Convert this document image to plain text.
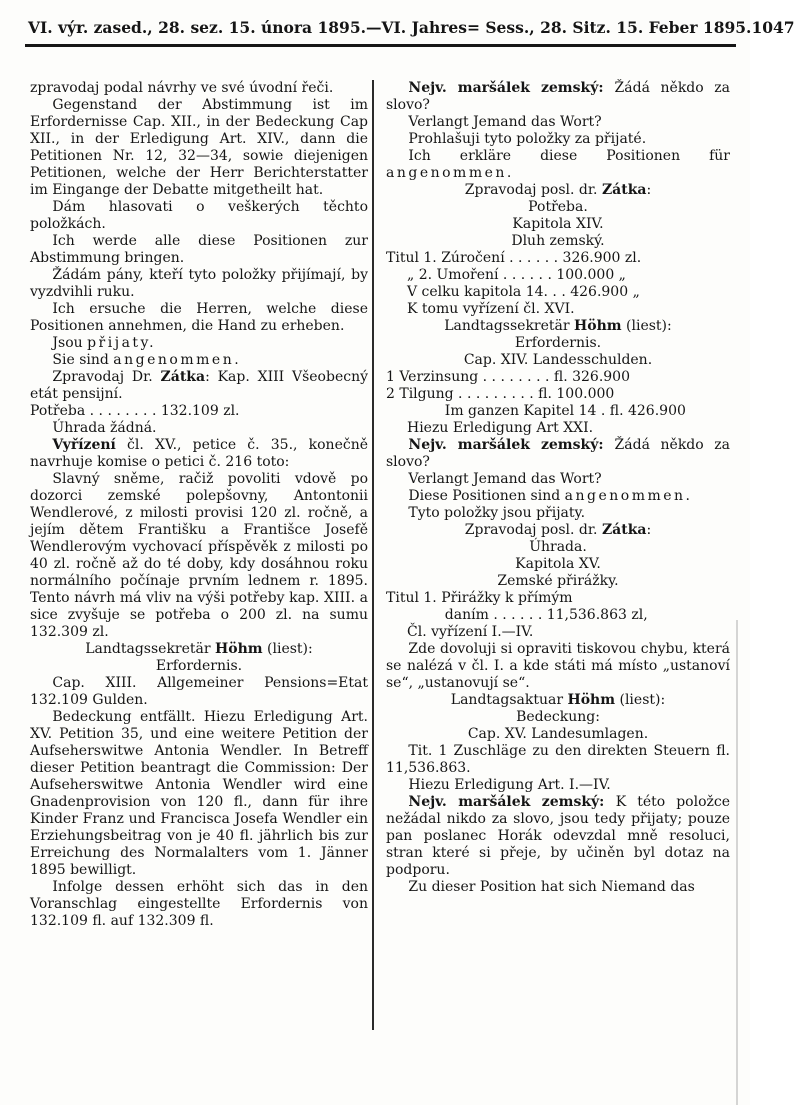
VI. výr. zased., 28. sez. 15. února 1895. —VI. Jahres= Sess., 28. Sitz. 15. Feber 1895. 1047

zpravodaj podal návrhy ve své úvodní řeči.

Gegenstand der Abstimmung ist im Erfordernisse Cap. XII., in der Bedeckung Cap XII., in der Erledigung Art. XIV., dann die Petitionen Nr. 12, 32—34, sowie diejenigen Petitionen, welche der Herr Berichterstatter im Eingange der Debatte mitgetheilt hat.

Dám hlasovati o veškerých těchto položkách.

Ich werde alle diese Positionen zur Abstimmung bringen.

Žádám pány, kteří tyto položky přijímají, by vyzdvihli ruku.

Ich ersuche die Herren, welche diese Positionen annehmen, die Hand zu erheben.

Jsou přijaty.

Sie sind angenommen.

Zpravodaj Dr. Zátka: Kap. XIII Všeobecný etát pensijní.

Potřeba . . . . . . . . 132.109 zl.

Úhrada žádná.

Vyřízení čl. XV., petice č. 35., konečně navrhuje komise o petici č. 216 toto:

Slavný sněme, račiž povoliti vdově po dozorci zemské polepšovny, Antontonii Wendlerové, z milosti provisi 120 zl. ročně, a jejím dětem Františku a Františce Josefě Wendlerovým vychovací příspěvěk z milosti po 40 zl. ročně až do té doby, kdy dosáhnou roku normálního počínaje prvním lednem r. 1895. Tento návrh má vliv na výši potřeby kap. XIII. a sice zvyšuje se potřeba o 200 zl. na sumu 132.309 zl.

Landtagssekretär Höhm (liest):

Erfordernis.

Cap. XIII. Allgemeiner Pensions=Etat 132.109 Gulden.

Bedeckung entfällt. Hiezu Erledigung Art. XV. Petition 35, und eine weitere Petition der Aufseherswitwe Antonia Wendler. In Betreff dieser Petition beantragt die Commission: Der Aufseherswitwe Antonia Wendler wird eine Gnadenprovision von 120 fl., dann für ihre Kinder Franz und Francisca Josefa Wendler ein Erziehungsbeitrag von je 40 fl. jährlich bis zur Erreichung des Normalalters vom 1. Jänner 1895 bewilligt.

Infolge dessen erhöht sich das in den Voranschlag eingestellte Erfordernis von 132.109 fl. auf 132.309 fl.

Nejv. maršálek zemský: Žádá někdo za slovo?

Verlangt Jemand das Wort?

Prohlašuji tyto položky za přijaté.

Ich erkläre diese Positionen für angenommen.

Zpravodaj posl. dr. Zátka:

Potřeba.

Kapitola XIV.

Dluh zemský.

Titul 1. Zúročení . . . . . . 326.900 zl.

„ 2. Umoření . . . . . . 100.000 „

V celku kapitola 14. . . 426.900 „

K tomu vyřízení čl. XVI.

Landtagssekretär Höhm (liest):

Erfordernis.

Cap. XIV. Landesschulden.

1 Verzinsung . . . . . . . . fl. 326.900

2 Tilgung . . . . . . . . . fl. 100.000

Im ganzen Kapitel 14 . fl. 426.900

Hiezu Erledigung Art XXI.

Nejv. maršálek zemský: Žádá někdo za slovo?

Verlangt Jemand das Wort?

Diese Positionen sind angenommen.

Tyto položky jsou přijaty.

Zpravodaj posl. dr. Zátka:

Úhrada.

Kapitola XV.

Zemské přirážky.

Titul 1. Přirážky k přímým

daním . . . . . . 11,536.863 zl,

Čl. vyřízení I.—IV.

Zde dovoluji si opraviti tiskovou chybu, která se nalézá v čl. I. a kde státi má místo „ustanoví se“, „ustanovují se“.

Landtagsaktuar Höhm (liest):

Bedeckung:

Cap. XV. Landesumlagen.

Tit. 1 Zuschläge zu den direkten Steuern fl. 11,536.863.

Hiezu Erledigung Art. I.—IV.

Nejv. maršálek zemský: K této položce nežádal nikdo za slovo, jsou tedy přijaty; pouze pan poslanec Horák odevzdal mně resoluci, stran které si přeje, by učiněn byl dotaz na podporu.

Zu dieser Position hat sich Niemand das
